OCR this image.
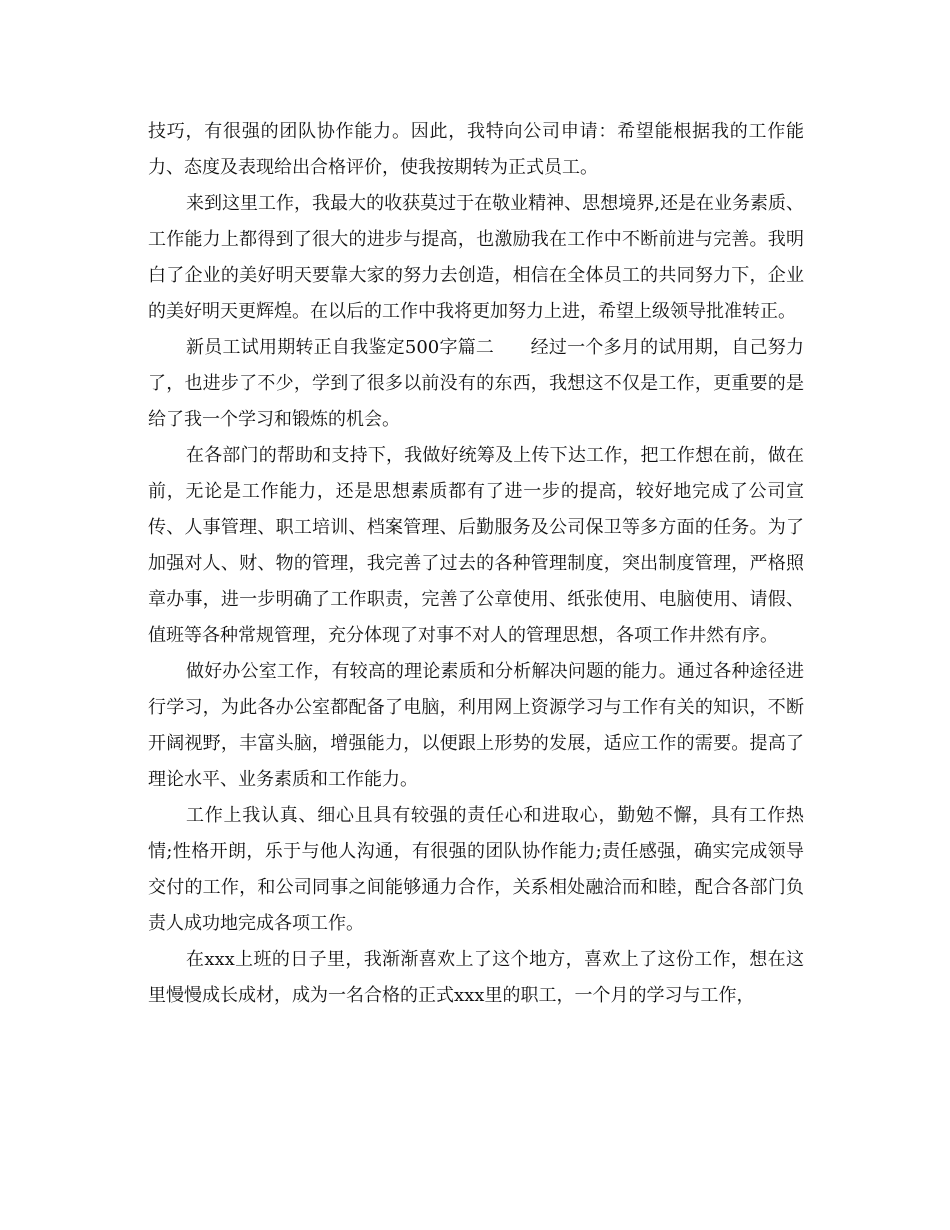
技巧，有很强的团队协作能力。因此，我特向公司申请：希望能根据我的工作能力、态度及表现给出合格评价，使我按期转为正式员工。

来到这里工作，我最大的收获莫过于在敬业精神、思想境界,还是在业务素质、工作能力上都得到了很大的进步与提高，也激励我在工作中不断前进与完善。我明白了企业的美好明天要靠大家的努力去创造，相信在全体员工的共同努力下，企业的美好明天更辉煌。在以后的工作中我将更加努力上进，希望上级领导批准转正。

新员工试用期转正自我鉴定500字篇二　　经过一个多月的试用期，自己努力了，也进步了不少，学到了很多以前没有的东西，我想这不仅是工作，更重要的是给了我一个学习和锻炼的机会。

在各部门的帮助和支持下，我做好统筹及上传下达工作，把工作想在前，做在前，无论是工作能力，还是思想素质都有了进一步的提高，较好地完成了公司宣传、人事管理、职工培训、档案管理、后勤服务及公司保卫等多方面的任务。为了加强对人、财、物的管理，我完善了过去的各种管理制度，突出制度管理，严格照章办事，进一步明确了工作职责，完善了公章使用、纸张使用、电脑使用、请假、值班等各种常规管理，充分体现了对事不对人的管理思想，各项工作井然有序。

做好办公室工作，有较高的理论素质和分析解决问题的能力。通过各种途径进行学习，为此各办公室都配备了电脑，利用网上资源学习与工作有关的知识，不断开阔视野，丰富头脑，增强能力，以便跟上形势的发展，适应工作的需要。提高了理论水平、业务素质和工作能力。

工作上我认真、细心且具有较强的责任心和进取心，勤勉不懈，具有工作热情;性格开朗，乐于与他人沟通，有很强的团队协作能力;责任感强，确实完成领导交付的工作，和公司同事之间能够通力合作，关系相处融洽而和睦，配合各部门负责人成功地完成各项工作。

在xxx上班的日子里，我渐渐喜欢上了这个地方，喜欢上了这份工作，想在这里慢慢成长成材，成为一名合格的正式xxx里的职工，一个月的学习与工作，
